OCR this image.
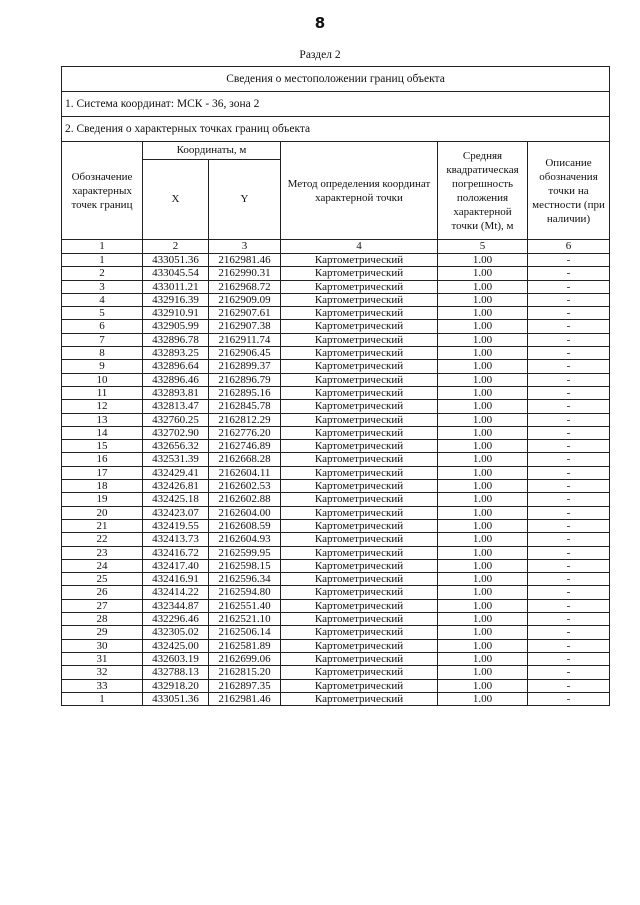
8
Раздел 2
Сведения о местоположении границ объекта					
1. Система координат: МСК - 36, зона 2					
2. Сведения о характерных точках границ объекта					
Обозначение характерных точек границ	Координаты, м		Метод определения координат характерной точки	Средняя квадратическая погрешность положения характерной точки (Mt), м	Описание обозначения точки на местности (при наличии)
	X	Y			
1	2	3	4	5	6
1	433051.36	2162981.46	Картометрический	1.00	-
2	433045.54	2162990.31	Картометрический	1.00	-
3	433011.21	2162968.72	Картометрический	1.00	-
4	432916.39	2162909.09	Картометрический	1.00	-
5	432910.91	2162907.61	Картометрический	1.00	-
6	432905.99	2162907.38	Картометрический	1.00	-
7	432896.78	2162911.74	Картометрический	1.00	-
8	432893.25	2162906.45	Картометрический	1.00	-
9	432896.64	2162899.37	Картометрический	1.00	-
10	432896.46	2162896.79	Картометрический	1.00	-
11	432893.81	2162895.16	Картометрический	1.00	-
12	432813.47	2162845.78	Картометрический	1.00	-
13	432760.25	2162812.29	Картометрический	1.00	-
14	432702.90	2162776.20	Картометрический	1.00	-
15	432656.32	2162746.89	Картометрический	1.00	-
16	432531.39	2162668.28	Картометрический	1.00	-
17	432429.41	2162604.11	Картометрический	1.00	-
18	432426.81	2162602.53	Картометрический	1.00	-
19	432425.18	2162602.88	Картометрический	1.00	-
20	432423.07	2162604.00	Картометрический	1.00	-
21	432419.55	2162608.59	Картометрический	1.00	-
22	432413.73	2162604.93	Картометрический	1.00	-
23	432416.72	2162599.95	Картометрический	1.00	-
24	432417.40	2162598.15	Картометрический	1.00	-
25	432416.91	2162596.34	Картометрический	1.00	-
26	432414.22	2162594.80	Картометрический	1.00	-
27	432344.87	2162551.40	Картометрический	1.00	-
28	432296.46	2162521.10	Картометрический	1.00	-
29	432305.02	2162506.14	Картометрический	1.00	-
30	432425.00	2162581.89	Картометрический	1.00	-
31	432603.19	2162699.06	Картометрический	1.00	-
32	432788.13	2162815.20	Картометрический	1.00	-
33	432918.20	2162897.35	Картометрический	1.00	-
1	433051.36	2162981.46	Картометрический	1.00	-
